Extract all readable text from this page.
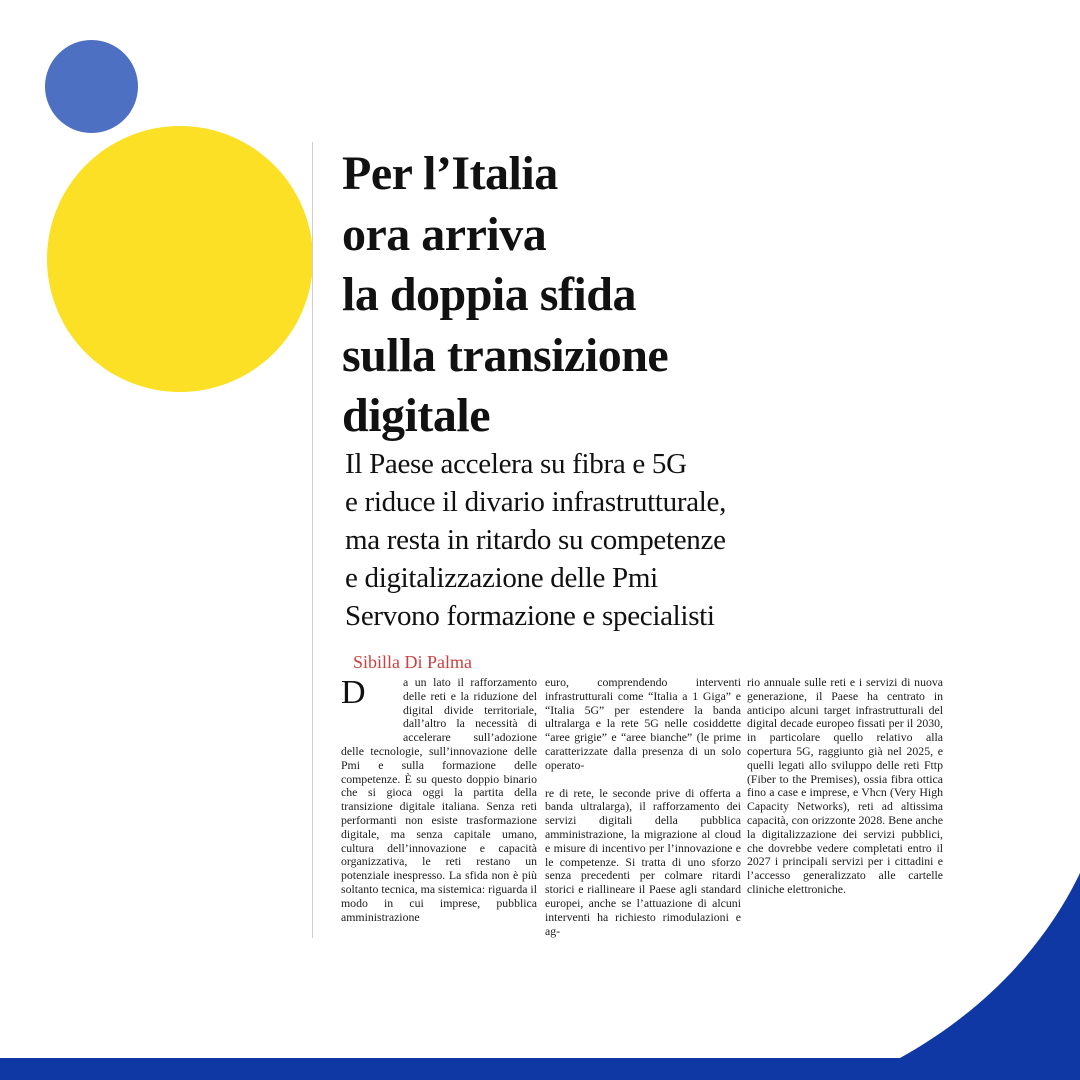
Per l’Italia
ora arriva
la doppia sfida
sulla transizione
digitale
Il Paese accelera su fibra e 5G
e riduce il divario infrastrutturale,
ma resta in ritardo su competenze
e digitalizzazione delle Pmi
Servono formazione e specialisti
Sibilla Di Palma
D	a un lato il rafforzamento delle reti e la riduzione del digital divide territoriale, dall’altro la necessità di accelerare sull’adozione delle tecnologie, sull’innovazione delle Pmi e sulla formazione delle competenze. È su questo doppio binario che si gioca oggi la partita della transizione digitale italiana. Senza reti performanti non esiste trasformazione digitale, ma senza capitale umano, cultura dell’innovazione e capacità organizzativa, le reti restano un potenziale inespresso. La sfida non è più soltanto tecnica, ma sistemica: riguarda il modo in cui imprese, pubblica amministrazione

euro, comprendendo interventi infrastrutturali come “Italia a 1 Giga” e “Italia 5G” per estendere la banda ultralarga e la rete 5G nelle cosiddette “aree grigie” e “aree bianche” (le prime caratterizzate dalla presenza di un solo operato-

re di rete, le seconde prive di offerta a banda ultralarga), il rafforzamento dei servizi digitali della pubblica amministrazione, la migrazione al cloud e misure di incentivo per l’innovazione e le competenze. Si tratta di uno sforzo senza precedenti per colmare ritardi storici e riallineare il Paese agli standard europei, anche se l’attuazione di alcuni interventi ha richiesto rimodulazioni e ag-

rio annuale sulle reti e i servizi di nuova generazione, il Paese ha centrato in anticipo alcuni target infrastrutturali del digital decade europeo fissati per il 2030, in particolare quello relativo alla copertura 5G, raggiunto già nel 2025, e quelli legati allo sviluppo delle reti Fttp (Fiber to the Premises), ossia fibra ottica fino a case e imprese, e Vhcn (Very High Capacity Networks), reti ad altissima capacità, con orizzonte 2028. Bene anche la digitalizzazione dei servizi pubblici, che dovrebbe vedere completati entro il 2027 i principali servizi per i cittadini e l’accesso generalizzato alle cartelle cliniche elettroniche.
